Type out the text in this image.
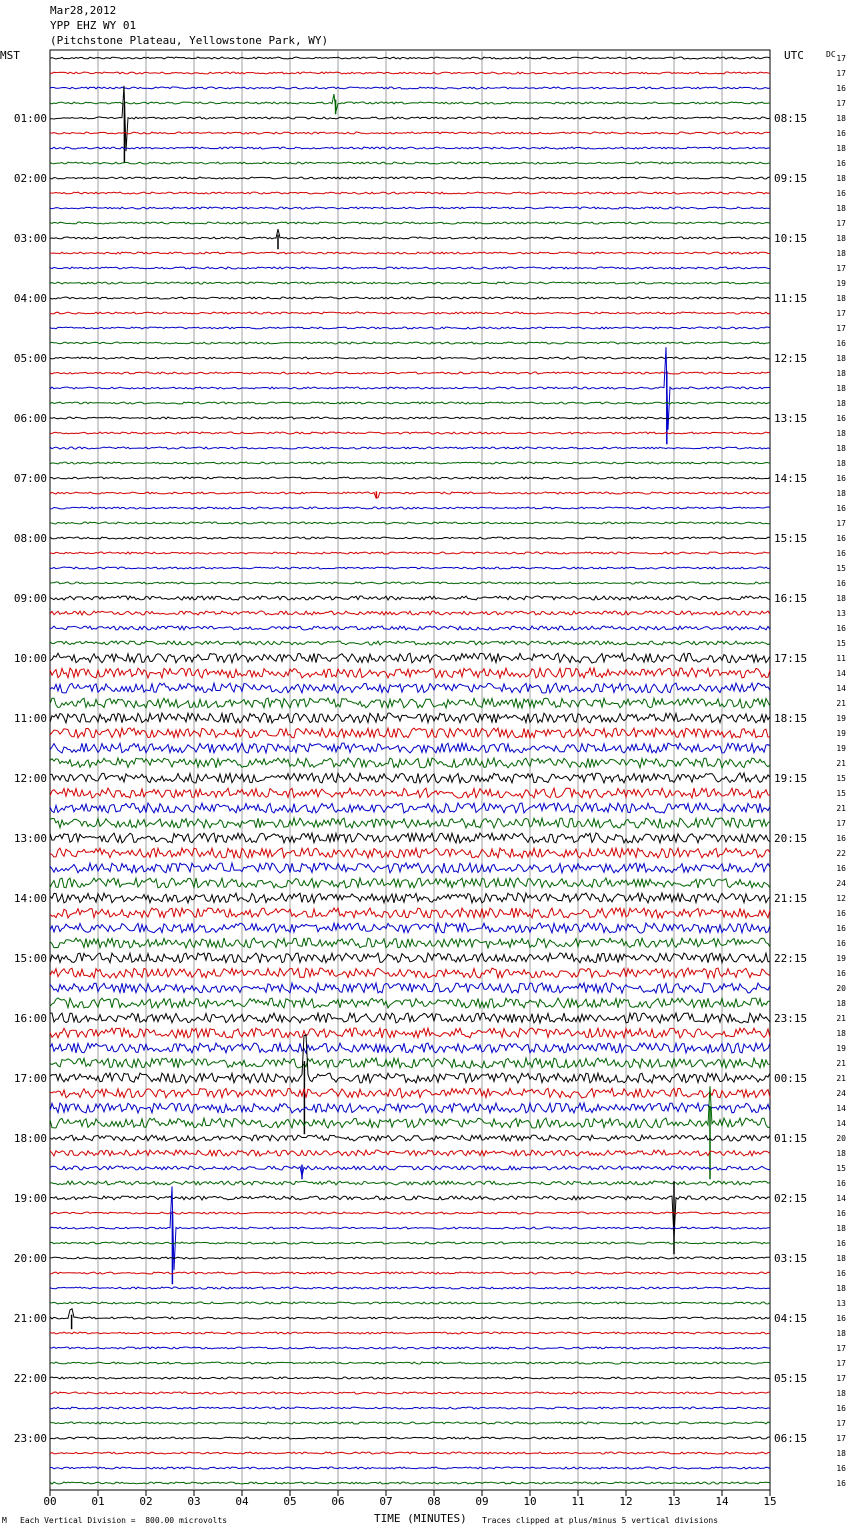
Mar28,2012
YPP EHZ WY 01
(Pitchstone Plateau, Yellowstone Park, WY)
MST	UTC	DC
00	01	02	03	04	05	06	07	08	09	10	11	12	13	14	15
17
17
16
17
18
16
18
16
18
16
18
17
18
18
17
19
18
17
17
16
18
18
18
18
16
18
18
18
16
18
16
17
16
16
15
16
18
13
16
15
11
14
14
21
19
19
19
21
15
15
21
17
16
22
16
24
12
16
16
16
19
16
20
18
21
18
19
21
21
24
14
14
20
18
15
16
14
16
18
16
18
16
18
13
16
18
17
17
17
18
16
17
17
18
16
16
01:00
02:00
03:00
04:00
05:00
06:00
07:00
08:00
09:00
10:00
11:00
12:00
13:00
14:00
15:00
16:00
17:00
18:00
19:00
20:00
21:00
22:00
23:00
08:15
09:15
10:15
11:15
12:15
13:15
14:15
15:15
16:15
17:15
18:15
19:15
20:15
21:15
22:15
23:15
00:15
01:15
02:15
03:15
04:15
05:15
06:15
M Each Vertical Division =  800.00 microvolts	TIME (MINUTES) Traces clipped at plus/minus 5 vertical divisions
